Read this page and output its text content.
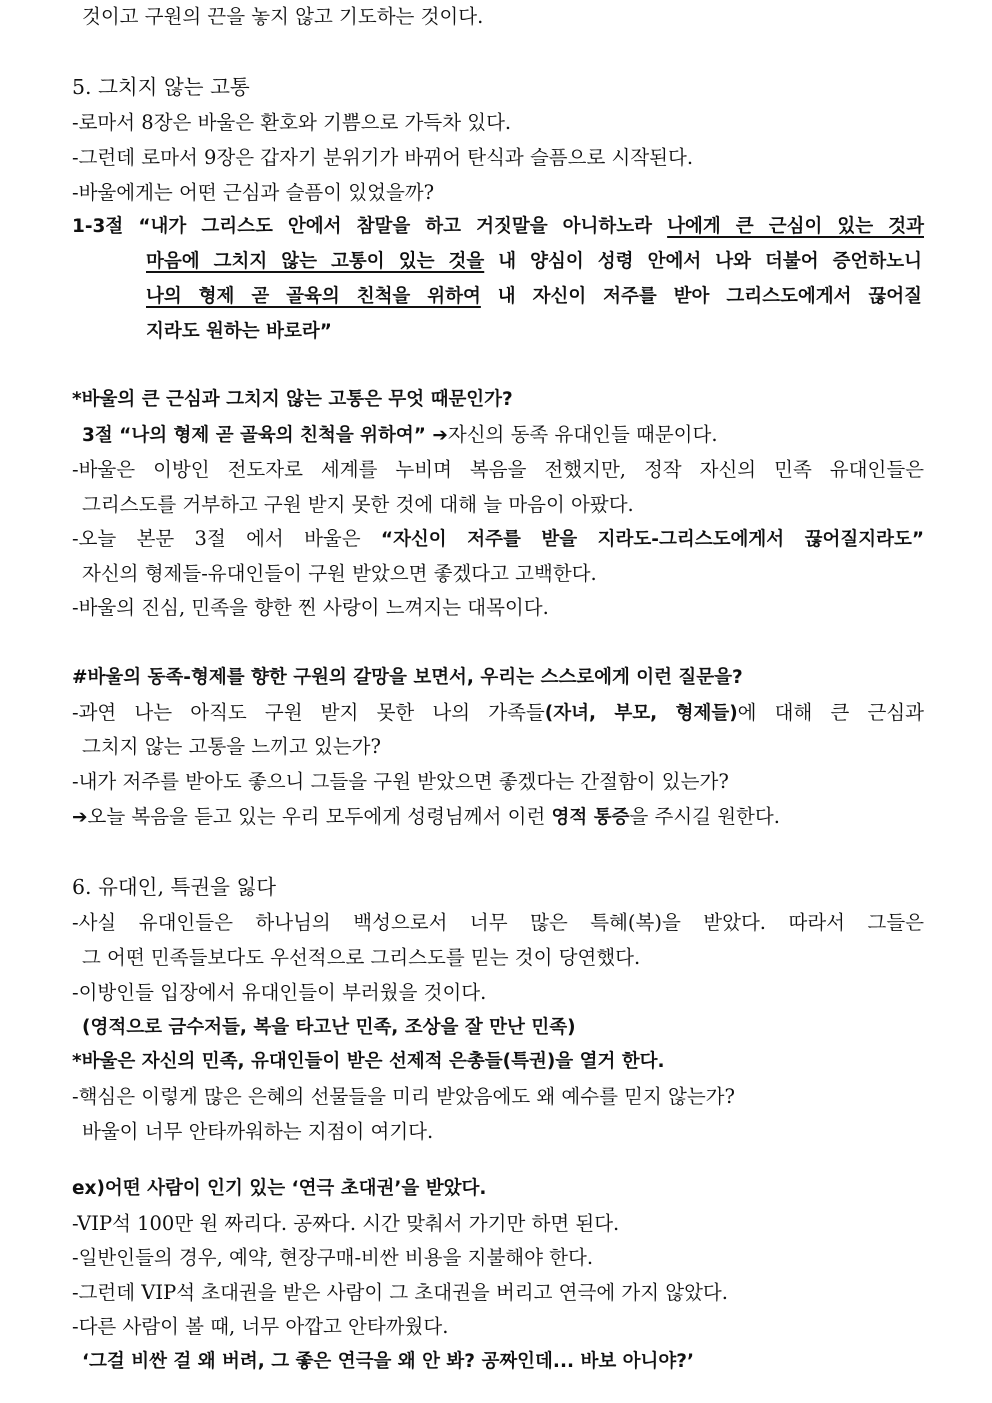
것이고 구원의 끈을 놓지 않고 기도하는 것이다.
5. 그치지 않는 고통
-로마서 8장은 바울은 환호와 기쁨으로 가득차 있다.
-그런데 로마서 9장은 갑자기 분위기가 바뀌어 탄식과 슬픔으로 시작된다.
-바울에게는 어떤 근심과 슬픔이 있었을까?
1-3절 “내가 그리스도 안에서 참말을 하고 거짓말을 아니하노라 나에게 큰 근심이 있는 것과
마음에 그치지 않는 고통이 있는 것을 내 양심이 성령 안에서 나와 더불어 증언하노니
나의 형제 곧 골육의 친척을 위하여 내 자신이 저주를 받아 그리스도에게서 끊어질
지라도 원하는 바로라”
*바울의 큰 근심과 그치지 않는 고통은 무엇 때문인가?
3절 “나의 형제 곧 골육의 친척을 위하여” ➔자신의 동족 유대인들 때문이다.
-바울은 이방인 전도자로 세계를 누비며 복음을 전했지만, 정작 자신의 민족 유대인들은
그리스도를 거부하고 구원 받지 못한 것에 대해 늘 마음이 아팠다.
-오늘 본문 3절 에서 바울은 “자신이 저주를 받을 지라도-그리스도에게서 끊어질지라도”
자신의 형제들-유대인들이 구원 받았으면 좋겠다고 고백한다.
-바울의 진심, 민족을 향한 찐 사랑이 느껴지는 대목이다.
#바울의 동족-형제를 향한 구원의 갈망을 보면서, 우리는 스스로에게 이런 질문을?
-과연 나는 아직도 구원 받지 못한 나의 가족들(자녀, 부모, 형제들)에 대해 큰 근심과
그치지 않는 고통을 느끼고 있는가?
-내가 저주를 받아도 좋으니 그들을 구원 받았으면 좋겠다는 간절함이 있는가?
➔오늘 복음을 듣고 있는 우리 모두에게 성령님께서 이런 영적 통증을 주시길 원한다.
6. 유대인, 특권을 잃다
-사실 유대인들은 하나님의 백성으로서 너무 많은 특혜(복)을 받았다. 따라서 그들은
그 어떤 민족들보다도 우선적으로 그리스도를 믿는 것이 당연했다.
-이방인들 입장에서 유대인들이 부러웠을 것이다.
(영적으로 금수저들, 복을 타고난 민족, 조상을 잘 만난 민족)
*바울은 자신의 민족, 유대인들이 받은 선제적 은총들(특권)을 열거 한다.
-핵심은 이렇게 많은 은혜의 선물들을 미리 받았음에도 왜 예수를 믿지 않는가?
바울이 너무 안타까워하는 지점이 여기다.
ex)어떤 사람이 인기 있는 ‘연극 초대권’을 받았다.
-VIP석 100만 원 짜리다. 공짜다. 시간 맞춰서 가기만 하면 된다.
-일반인들의 경우, 예약, 현장구매-비싼 비용을 지불해야 한다.
-그런데 VIP석 초대권을 받은 사람이 그 초대권을 버리고 연극에 가지 않았다.
-다른 사람이 볼 때, 너무 아깝고 안타까웠다.
‘그걸 비싼 걸 왜 버려, 그 좋은 연극을 왜 안 봐? 공짜인데... 바보 아니야?’
